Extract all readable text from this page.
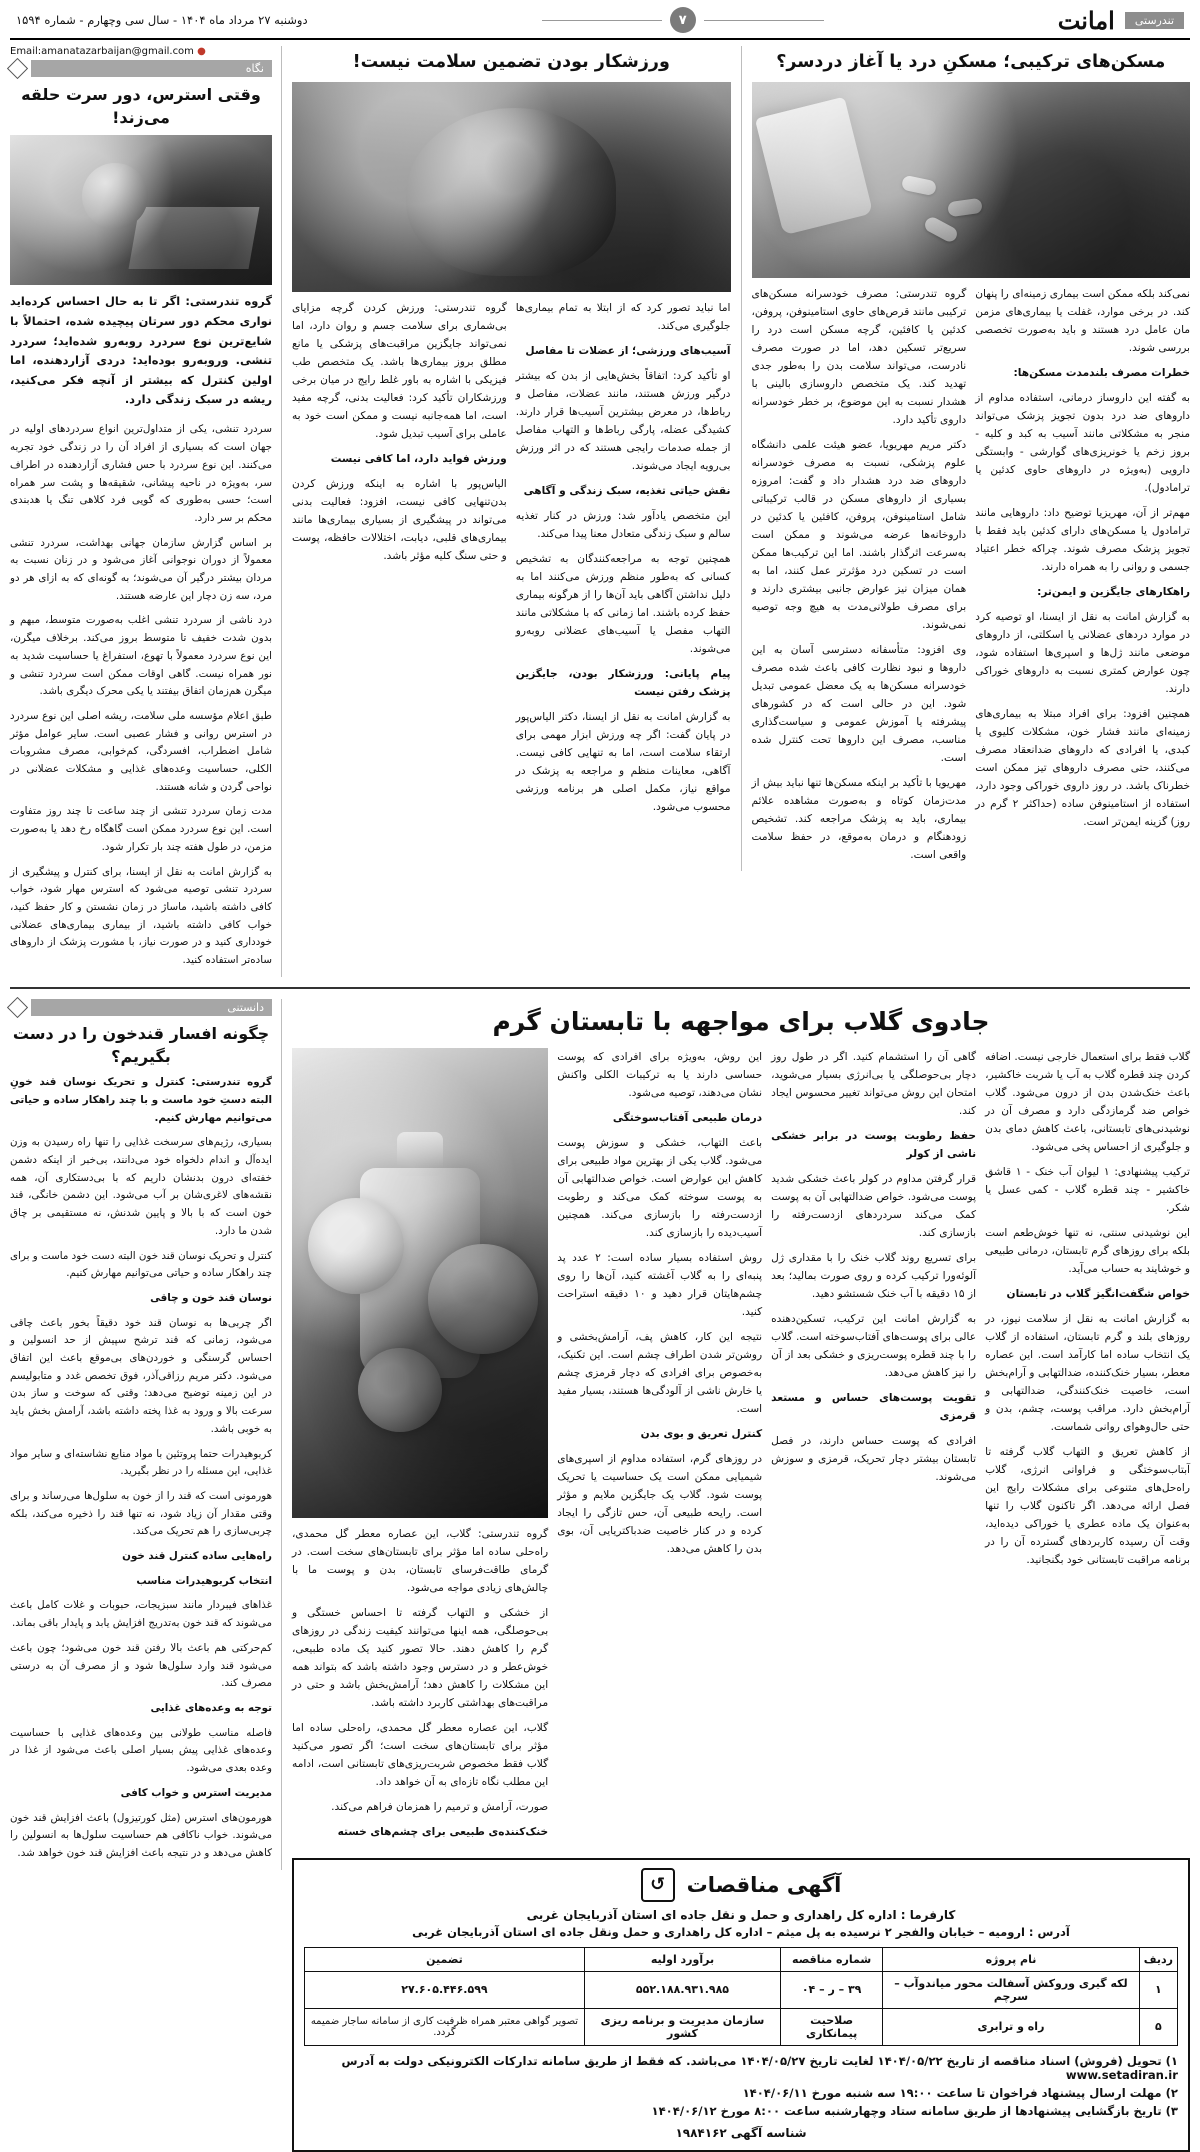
تندرستی
امانت
۷
دوشنبه ۲۷ مرداد ماه ۱۴۰۴ - سال سی وچهارم - شماره ۱۵۹۴
مسکن‌های ترکیبی؛ مسکنِ درد یا آغاز دردسر؟

نمی‌کند بلکه ممکن است بیماری زمینه‌ای را پنهان کند. در برخی موارد، غفلت یا بیماری‌های مزمن مان عامل درد هستند و باید به‌صورت تخصصی بررسی شوند.

خطرات مصرف بلندمدت مسکن‌ها:

به گفته این داروساز درمانی، استفاده مداوم از داروهای ضد درد بدون تجویز پزشک می‌تواند منجر به مشکلاتی مانند آسیب به کبد و کلیه - بروز زخم یا خونریزی‌های گوارشی - وابستگی دارویی (به‌ویژه در داروهای حاوی کدئین یا ترامادول).

مهم‌تر از آن، مهریزیا توضیح داد: داروهایی مانند ترامادول یا مسکن‌های دارای کدئین باید فقط با تجویز پزشک مصرف شوند. چراکه خطر اعتیاد جسمی و روانی را به همراه دارند.

راهکارهای جایگزین و ایمن‌تر:

به گزارش امانت به نقل از ایسنا، او توصیه کرد در موارد دردهای عضلانی یا اسکلتی، از داروهای موضعی مانند ژل‌ها و اسپری‌ها استفاده شود، چون عوارض کمتری نسبت به داروهای خوراکی دارند.

همچنین افزود: برای افراد مبتلا به بیماری‌های زمینه‌ای مانند فشار خون، مشکلات کلیوی یا کبدی، یا افرادی که داروهای ضدانعقاد مصرف می‌کنند، حتی مصرف داروهای تیز ممکن است خطرناک باشد. در روز داروی خوراکی وجود دارد، استفاده از استامینوفن ساده (حداکثر ۲ گرم در روز) گزینه ایمن‌تر است.

گروه تندرستی: مصرف خودسرانه مسکن‌های ترکیبی مانند قرص‌های حاوی استامینوفن، پروفن، کدئین یا کافئین، گرچه مسکن است درد را سریع‌تر تسکین دهد، اما در صورت مصرف نادرست، می‌تواند سلامت بدن را به‌طور جدی تهدید کند. یک متخصص داروسازی بالینی با هشدار نسبت به این موضوع، بر خطر خودسرانه داروی تأکید دارد.

دکتر مریم مهریویا، عضو هیئت علمی دانشگاه علوم پزشکی، نسبت به مصرف خودسرانه داروهای ضد درد هشدار داد و گفت: امروزه بسیاری از داروهای مسکن در قالب ترکیباتی شامل استامینوفن، پروفن، کافئین یا کدئین در داروخانه‌ها عرضه می‌شوند و ممکن است به‌سرعت اثرگذار باشند. اما این ترکیب‌ها ممکن است در تسکین درد مؤثرتر عمل کنند، اما به همان میزان نیز عوارض جانبی بیشتری دارند و برای مصرف طولانی‌مدت به هیچ وجه توصیه نمی‌شوند.

وی افزود: متأسفانه دسترسی آسان به این داروها و نبود نظارت کافی باعث شده مصرف خودسرانه مسکن‌ها به یک معضل عمومی تبدیل شود. این در حالی است که در کشورهای پیشرفته یا آموزش عمومی و سیاست‌گذاری مناسب، مصرف این داروها تحت کنترل شده است.

مهریویا با تأکید بر اینکه مسکن‌ها تنها نباید بیش از مدت‌زمان کوتاه و به‌صورت مشاهده علائم بیماری، باید به پزشک مراجعه کند. تشخیص زودهنگام و درمان به‌موقع، در حفظ سلامت واقعی است.

ورزشکار بودن تضمین سلامت نیست!

اما نباید تصور کرد که از ابتلا به تمام بیماری‌ها جلوگیری می‌کند.

آسیب‌های ورزشی؛ از عضلات تا مفاصل

او تأکید کرد: اتفاقاً بخش‌هایی از بدن که بیشتر درگیر ورزش هستند، مانند عضلات، مفاصل و رباط‌ها، در معرض بیشترین آسیب‌ها قرار دارند. کشیدگی عضله، پارگی رباط‌ها و التهاب مفاصل از جمله صدمات رایجی هستند که در اثر ورزش بی‌رویه ایجاد می‌شوند.

نقش حیاتی تغذیه، سبک زندگی و آگاهی

این متخصص یادآور شد: ورزش در کنار تغذیه سالم و سبک زندگی متعادل معنا پیدا می‌کند.

همچنین توجه به مراجعه‌کنندگان به تشخیص کسانی که به‌طور منظم ورزش می‌کنند اما به دلیل نداشتن آگاهی باید آن‌ها را از هرگونه بیماری حفظ کرده باشند. اما زمانی که با مشکلاتی مانند التهاب مفصل یا آسیب‌های عضلانی روبه‌رو می‌شوند.

پیام پایانی: ورزشکار بودن، جایگزین پزشک رفتن نیست

به گزارش امانت به نقل از ایسنا، دکتر الیاس‌پور در پایان گفت: اگر چه ورزش ابزار مهمی برای ارتقاء سلامت است، اما به تنهایی کافی نیست. آگاهی، معاینات منظم و مراجعه به پزشک در مواقع نیاز، مکمل اصلی هر برنامه ورزشی محسوب می‌شود.

گروه تندرستی: ورزش کردن گرچه مزایای بی‌شماری برای سلامت جسم و روان دارد، اما نمی‌تواند جایگزین مراقبت‌های پزشکی یا مانع مطلق بروز بیماری‌ها باشد. یک متخصص طب فیزیکی با اشاره به باور غلط رایج در میان برخی ورزشکاران تأکید کرد: فعالیت بدنی، گرچه مفید است، اما همه‌جانبه نیست و ممکن است خود به عاملی برای آسیب تبدیل شود.

ورزش فواید دارد، اما کافی نیست

الیاس‌پور با اشاره به اینکه ورزش کردن بدن‌تنهایی کافی نیست، افزود: فعالیت بدنی می‌تواند در پیشگیری از بسیاری بیماری‌ها مانند بیماری‌های قلبی، دیابت، اختلالات حافظه، پوست و حتی سنگ کلیه مؤثر باشد.

● Email:amanatazarbaijan@gmail.com
نگاه
وقتی استرس، دور سرت حلقه می‌زند!

گروه تندرستی: اگر تا به حال احساس کرده‌اید نواری محکم دور سرتان پیچیده شده، احتمالاً با شایع‌ترین نوع سردرد روبه‌رو شده‌اید؛ سردرد تنشی. وروبه‌رو بوده‌اید: دردی آزاردهنده، اما اولین کنترل که بیشتر از آنچه فکر می‌کنید، ریشه در سبک زندگی دارد.

سردرد تنشی، یکی از متداول‌ترین انواع سردردهای اولیه در جهان است که بسیاری از افراد آن را در زندگی خود تجربه می‌کنند. این نوع سردرد با حس فشاری آزاردهنده در اطراف سر، به‌ویژه در ناحیه پیشانی، شقیقه‌ها و پشت سر همراه است؛ حسی به‌طوری که گویی فرد کلاهی تنگ یا هدبندی محکم بر سر دارد.

بر اساس گزارش سازمان جهانی بهداشت، سردرد تنشی معمولاً از دوران نوجوانی آغاز می‌شود و در زنان نسبت به مردان بیشتر درگیر آن می‌شوند؛ به گونه‌ای که به ازای هر دو مرد، سه زن دچار این عارضه هستند.

درد ناشی از سردرد تنشی اغلب به‌صورت متوسط، مبهم و بدون شدت خفیف تا متوسط بروز می‌کند. برخلاف میگرن، این نوع سردرد معمولاً با تهوع، استفراغ یا حساسیت شدید به نور همراه نیست. گاهی اوقات ممکن است سردرد تنشی و میگرن هم‌زمان اتفاق بیفتند یا یکی محرک دیگری باشد.

طبق اعلام مؤسسه ملی سلامت، ریشه اصلی این نوع سردرد در استرس روانی و فشار عصبی است. سایر عوامل مؤثر شامل اضطراب، افسردگی، کم‌خوابی، مصرف مشروبات الکلی، حساسیت وعده‌های غذایی و مشکلات عضلانی در نواحی گردن و شانه هستند.

مدت زمان سردرد تنشی از چند ساعت تا چند روز متفاوت است. این نوع سردرد ممکن است گاهگاه رخ دهد یا به‌صورت مزمن، در طول هفته چند بار تکرار شود.

به گزارش امانت به نقل از ایسنا، برای کنترل و پیشگیری از سردرد تنشی توصیه می‌شود که استرس مهار شود، خواب کافی داشته باشید، ماساژ در زمان نشستن و کار حفظ کنید، خواب کافی داشته باشید، از بیماری بیماری‌های عضلانی خودداری کنید و در صورت نیاز، با مشورت پزشک از داروهای ساده‌تر استفاده کنید.

جادوی گلاب برای مواجهه با تابستان گرم

گلاب فقط برای استعمال خارجی نیست. اضافه کردن چند قطره گلاب به آب یا شربت خاکشیر، باعث خنک‌شدن بدن از درون می‌شود. گلاب خواص ضد گرمازدگی دارد و مصرف آن در نوشیدنی‌های تابستانی، باعث کاهش دمای بدن و جلوگیری از احساس پخی می‌شود.

ترکیب پیشنهادی: ۱ لیوان آب خنک - ۱ قاشق خاکشیر - چند قطره گلاب - کمی عسل یا شکر.

این نوشیدنی سنتی، نه تنها خوش‌طعم است بلکه برای روزهای گرم تابستان، درمانی طبیعی و خوشایند به حساب می‌آید.

خواص شگفت‌انگیز گلاب در تابستان

به گزارش امانت به نقل از سلامت نیوز، در روزهای بلند و گرم تابستان، استفاده از گلاب یک انتخاب ساده اما کارآمد است. این عصاره معطر، بسیار خنک‌کننده، ضدالتهابی و آرام‌بخش است، خاصیت خنک‌کنندگی، ضدالتهابی و آرام‌بخش دارد. مراقب پوست، چشم، بدن و حتی حال‌وهوای روانی شماست.

از کاهش تعریق و التهاب گلاب گرفته تا آبتاب‌سوختگی و فراوانی انرژی، گلاب راه‌حل‌های متنوعی برای مشکلات رایج این فصل ارائه می‌دهد. اگر تاکنون گلاب را تنها به‌عنوان یک ماده عطری یا خوراکی دیده‌اید، وقت آن رسیده کاربردهای گسترده آن را در برنامه مراقبت تابستانی خود بگنجانید.

گاهی آن را استشمام کنید. اگر در طول روز دچار بی‌حوصلگی یا بی‌انرژی بسیار می‌شوید، امتحان این روش می‌تواند تغییر محسوس ایجاد کند.

حفظ رطوبت پوست در برابر خشکی ناشی از کولر

قرار گرفتن مداوم در کولر باعث خشکی شدید پوست می‌شود. خواص ضدالتهابی آن به پوست کمک می‌کند سردردهای ازدست‌رفته را بازسازی کند.

برای تسریع روند گلاب خنک را با مقداری ژل آلوئه‌ورا ترکیب کرده و روی صورت بمالید؛ بعد از ۱۵ دقیقه با آب خنک شستشو دهید.

به گزارش امانت این ترکیب، تسکین‌دهنده عالی برای پوست‌های آفتاب‌سوخته است. گلاب را با چند قطره پوست‌ریزی و خشکی بعد از آن را نیز کاهش می‌دهد.

تقویت پوست‌های حساس و مستعد قرمزی

افرادی که پوست حساس دارند، در فصل تابستان بیشتر دچار تحریک، قرمزی و سوزش می‌شوند.

این روش، به‌ویژه برای افرادی که پوست حساسی دارند یا به ترکیبات الکلی واکنش نشان می‌دهند، توصیه می‌شود.

درمان طبیعی آفتاب‌سوختگی

باعث التهاب، خشکی و سوزش پوست می‌شود. گلاب یکی از بهترین مواد طبیعی برای کاهش این عوارض است. خواص ضدالتهابی آن به پوست سوخته کمک می‌کند و رطوبت ازدست‌رفته را بازسازی می‌کند. همچنین آسیب‌دیده را بازسازی کند.

روش استفاده بسیار ساده است: ۲ عدد پد پنبه‌ای را به گلاب آغشته کنید، آن‌ها را روی چشم‌هایتان قرار دهید و ۱۰ دقیقه استراحت کنید.

نتیجه این کار، کاهش پف، آرامش‌بخشی و روشن‌تر شدن اطراف چشم است. این تکنیک، به‌خصوص برای افرادی که دچار قرمزی چشم یا خارش ناشی از آلودگی‌ها هستند، بسیار مفید است.

کنترل تعریق و بوی بدن

در روزهای گرم، استفاده مداوم از اسپری‌های شیمیایی ممکن است یک حساسیت یا تحریک پوست شود. گلاب یک جایگزین ملایم و مؤثر است. رایحه طبیعی آن، حس تازگی را ایجاد کرده و در کنار خاصیت ضدباکتریایی آن، بوی بدن را کاهش می‌دهد.

گروه تندرستی: گلاب، این عصاره معطر گل محمدی، راه‌حلی ساده اما مؤثر برای تابستان‌های سخت است. در گرمای طاقت‌فرسای تابستان، بدن و پوست ما با چالش‌های زیادی مواجه می‌شود.

از خشکی و التهاب گرفته تا احساس خستگی و بی‌حوصلگی، همه اینها می‌توانند کیفیت زندگی در روزهای گرم را کاهش دهند. حالا تصور کنید یک ماده طبیعی، خوش‌عطر و در دسترس وجود داشته باشد که بتواند همه این مشکلات را کاهش دهد؛ آرامش‌بخش باشد و حتی در مراقبت‌های بهداشتی کاربرد داشته باشد.

گلاب، این عصاره معطر گل محمدی، راه‌حلی ساده اما مؤثر برای تابستان‌های سخت است؛ اگر تصور می‌کنید گلاب فقط مخصوص شربت‌ریزی‌های تابستانی است، ادامه این مطلب نگاه تازه‌ای به آن خواهد داد.

صورت، آرامش و ترمیم را همزمان فراهم می‌کند.

خنک‌کننده‌ی طبیعی برای چشم‌های خسته

آگهی مناقصات
↺
کارفرما : اداره کل راهداری و حمل و نقل جاده ای استان آذربایجان غربی
آدرس : ارومیه – خیابان والفجر ۲ نرسیده به پل میثم – اداره کل راهداری و حمل ونقل جاده ای استان آذربایجان غربی
ردیف	نام پروژه	شماره مناقصه	برآورد اولیه	تضمین
۱	لکه گیری وروکش آسفالت محور میاندوآب – سرچم	۳۹ – ر – ۰۴	۵۵۲.۱۸۸.۹۳۱.۹۸۵	۲۷.۶۰۵.۴۴۶.۵۹۹
۵	راه و ترابری	صلاحیت پیمانکاری	سازمان مدیریت و برنامه ریزی کشور	تصویر گواهی معتبر همراه ظرفیت کاری از سامانه ساجار ضمیمه گردد.

۱) تحویل (فروش) اسناد مناقصه از تاریخ ۱۴۰۴/۰۵/۲۲ لغایت تاریخ ۱۴۰۴/۰۵/۲۷ می‌باشد. که فقط از طریق سامانه تدارکات الکترونیکی دولت به آدرس www.setadiran.ir

۲) مهلت ارسال پیشنهاد فراخوان تا ساعت ۱۹:۰۰ سه شنبه مورخ ۱۴۰۴/۰۶/۱۱

۳) تاریخ بازگشایی پیشنهادها از طریق سامانه ستاد وچهارشنبه ساعت ۸:۰۰ مورخ ۱۴۰۴/۰۶/۱۲

شناسه آگهی ۱۹۸۴۱۶۲
دانستنی
چگونه افسار قندخون را در دست بگیریم؟

گروه تندرستی: کنترل و تحریک نوسان قند خونِ البته دستِ خود ماست و با چند راهکار ساده و حیاتی می‌توانیم مهارش کنیم.

بسیاری، رژیم‌های سرسخت غذایی را تنها راه رسیدن به وزن ایده‌آل و اندام دلخواه خود می‌دانند، بی‌خبر از اینکه دشمن خفته‌ای درون بدنشان داریم که با بی‌دستکاری آن، همه نقشه‌های لاغری‌شان بر آب می‌شود. این دشمن خانگی، قند خون است که با بالا و پایین شدنش، نه مستقیمی بر چاق شدن ما دارد.

کنترل و تحریک نوسان قند خون البته دست خود ماست و برای چند راهکار ساده و حیاتی می‌توانیم مهارش کنیم.

نوسان قند خون و چاقی

اگر چربی‌ها به نوسان قند خود دقیقاً بخور باعث چاقی می‌شود، زمانی که قند ترشح سپیش از حد انسولین و احساس گرسنگی و خوردن‌های بی‌موقع باعث این اتفاق می‌شود. دکتر مریم رزاقی‌آذر، فوق تخصص غدد و متابولیسم در این زمینه توضیح می‌دهد: وقتی که سوخت و ساز بدن سرعت بالا و ورود به غذا پخته داشته باشد، آرامش بخش باید به خوبی باشد.

کربوهیدرات حتما پروتئین با مواد منابع نشاسته‌ای و سایر مواد غذایی، این مسئله را در نظر بگیرید.

هورمونی است که قند را از خون به سلول‌ها می‌رساند و برای وقتی مقدار آن زیاد شود، نه تنها قند را ذخیره می‌کند، بلکه چربی‌سازی را هم تحریک می‌کند.

راه‌هایی ساده کنترل قند خون

انتخاب کربوهیدرات مناسب

غذاهای فیبردار مانند سبزیجات، حبوبات و غلات کامل باعث می‌شوند که قند خون به‌تدریج افزایش یابد و پایدار باقی بماند.

کم‌حرکتی هم باعث بالا رفتن قند خون می‌شود؛ چون باعث می‌شود قند وارد سلول‌ها شود و از مصرف آن به درستی مصرف کند.

توجه به وعده‌های غذایی

فاصله مناسب طولانی بین وعده‌های غذایی با حساسیت وعده‌های غذایی پیش بسیار اصلی باعث می‌شود از غذا در وعده بعدی می‌شود.

مدیریت استرس و خواب کافی

هورمون‌های استرس (مثل کورتیزول) باعث افزایش قند خون می‌شوند. خواب ناکافی هم حساسیت سلول‌ها به انسولین را کاهش می‌دهد و در نتیجه باعث افزایش قند خون خواهد شد.
